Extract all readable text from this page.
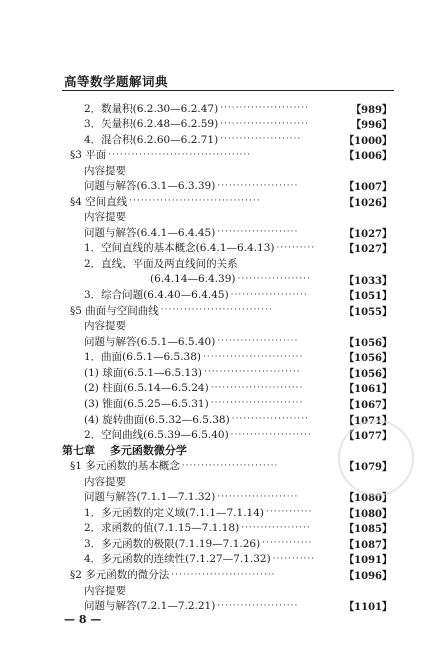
高等数学题解词典
2．数量积(6.2.30—6.2.47) ·······················	【989】
3．矢量积(6.2.48—6.2.59) ·······················	【996】
4．混合积(6.2.60—6.2.71) ·····················	【1000】
§3 平面 ·····································	【1006】
内容提要
问题与解答(6.3.1—6.3.39) ·····················	【1007】
§4 空间直线 ··································	【1026】
内容提要
问题与解答(6.4.1—6.4.45) ·····················	【1027】
1．空间直线的基本概念(6.4.1—6.4.13) ··········	【1027】
2．直线、平面及两直线间的关系
(6.4.14—6.4.39) ···················	【1033】
3．综合问题(6.4.40—6.4.45) ····················	【1051】
§5 曲面与空间曲线 ·····························	【1055】
内容提要
问题与解答(6.5.1—6.5.40) ·····················	【1056】
1．曲面(6.5.1—6.5.38) ··························	【1056】
(1) 球面(6.5.1—6.5.13) ·························	【1056】
(2) 柱面(6.5.14—6.5.24) ························	【1061】
(3) 锥面(6.5.25—6.5.31) ························	【1067】
(4) 旋转曲面(6.5.32—6.5.38) ····················	【1071】
2．空间曲线(6.5.39—6.5.40) ·····················	【1077】
第七章　 多元函数微分学
§1 多元函数的基本概念 ·························	【1079】
内容提要
问题与解答(7.1.1—7.1.32) ·····················	【1080】
1．多元函数的定义域(7.1.1—7.1.14) ············	【1080】
2．求函数的值(7.1.15—7.1.18) ··················	【1085】
3．多元函数的极限(7.1.19—7.1.26) ·············	【1087】
4．多元函数的连续性(7.1.27—7.1.32) ···········	【1091】
§2 多元函数的微分法 ···························	【1096】
内容提要
问题与解答(7.2.1—7.2.21) ·····················	【1101】
— 8 —
